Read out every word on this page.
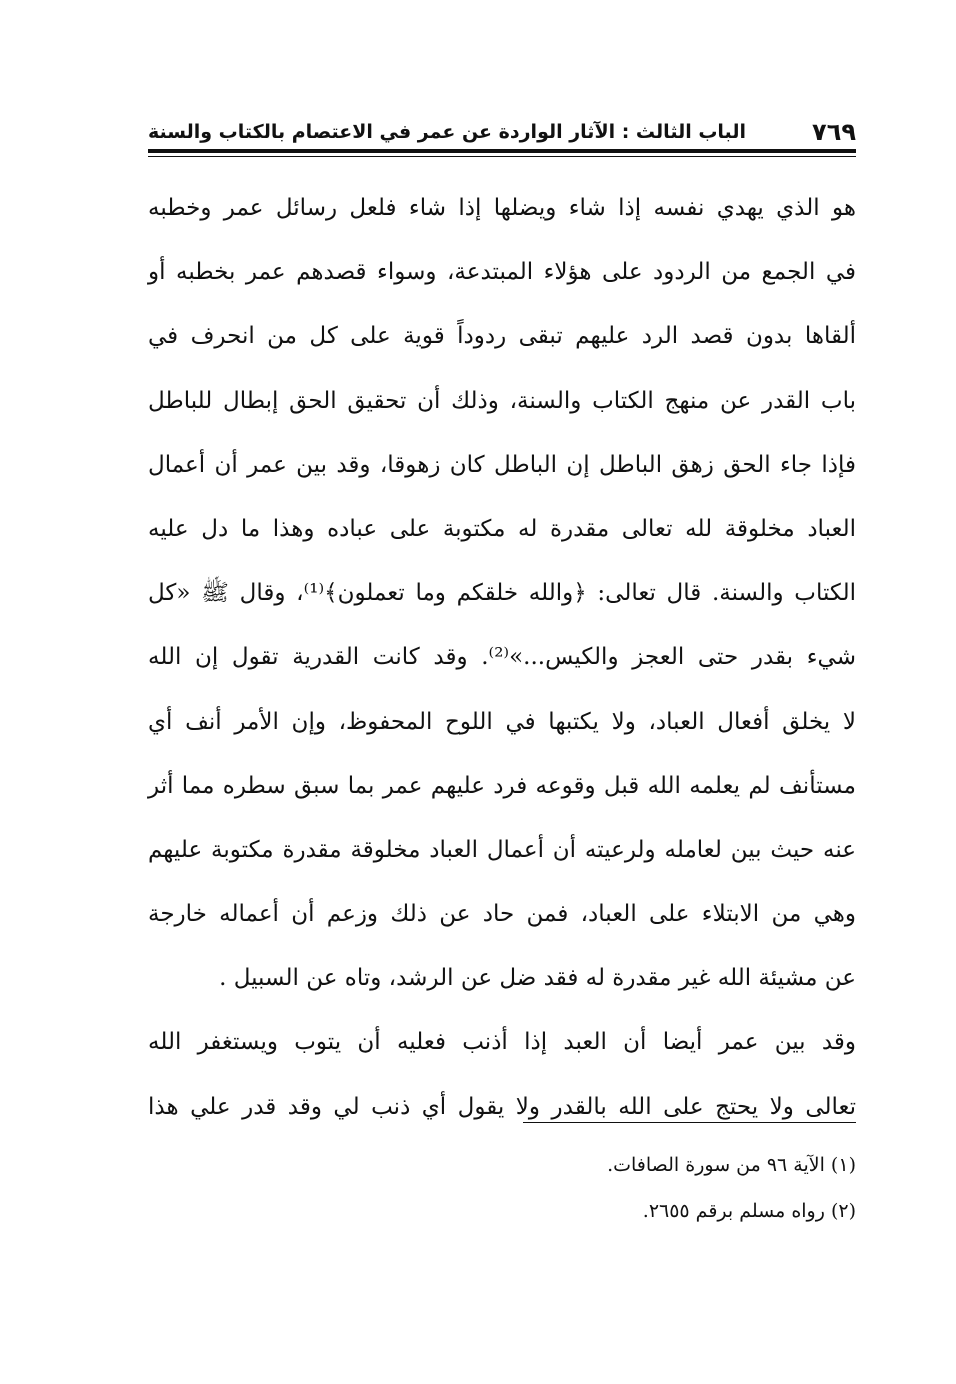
٧٦٩
الباب الثالث : الآثار الواردة عن عمر في الاعتصام بالكتاب والسنة
هو الذي يهدي نفسه إذا شاء ويضلها إذا شاء فلعل رسائل عمر وخطبه
في الجمع من الردود على هؤلاء المبتدعة، وسواء قصدهم عمر بخطبه أو
ألقاها بدون قصد الرد عليهم تبقى ردوداً قوية على كل من انحرف في
باب القدر عن منهج الكتاب والسنة، وذلك أن تحقيق الحق إبطال للباطل
فإذا جاء الحق زهق الباطل إن الباطل كان زهوقا، وقد بين عمر أن أعمال
العباد مخلوقة لله تعالى مقدرة له مكتوبة على عباده وهذا ما دل عليه
الكتاب والسنة. قال تعالى: ﴿والله خلقكم وما تعملون﴾⁽¹⁾، وقال ﷺ «كل
شيء بقدر حتى العجز والكيس...»⁽²⁾. وقد كانت القدرية تقول إن الله
لا يخلق أفعال العباد، ولا يكتبها في اللوح المحفوظ، وإن الأمر أنف أي
مستأنف لم يعلمه الله قبل وقوعه فرد عليهم عمر بما سبق سطره مما أثر
عنه حيث بين لعامله ولرعيته أن أعمال العباد مخلوقة مقدرة مكتوبة عليهم
وهي من الابتلاء على العباد، فمن حاد عن ذلك وزعم أن أعماله خارجة
عن مشيئة الله غير مقدرة له فقد ضل عن الرشد، وتاه عن السبيل .
وقد بين عمر أيضا أن العبد إذا أذنب فعليه أن يتوب ويستغفر الله
تعالى ولا يحتج على الله بالقدر ولا يقول أي ذنب لي وقد قدر علي هذا
(١) الآية ٩٦ من سورة الصافات.
(٢) رواه مسلم برقم ٢٦٥٥.
